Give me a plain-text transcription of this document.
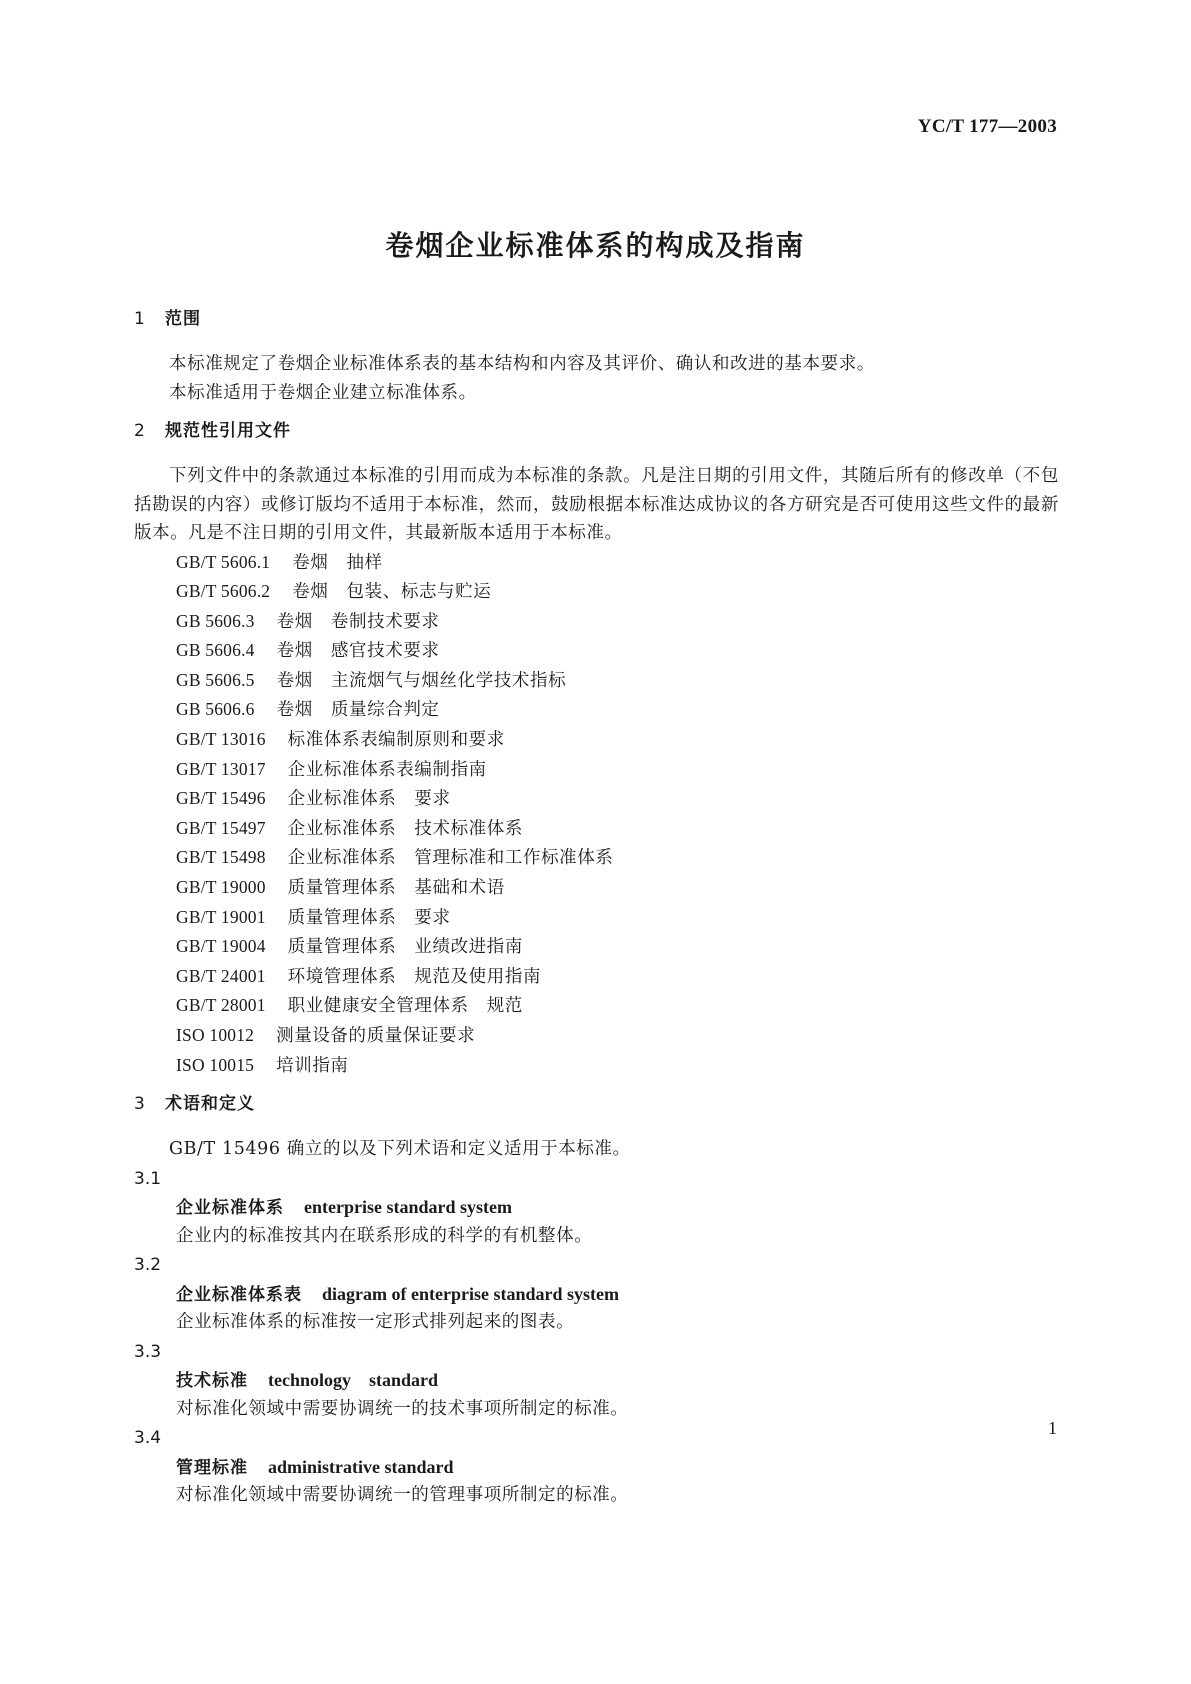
YC/T 177—2003
卷烟企业标准体系的构成及指南
1 范围
本标准规定了卷烟企业标准体系表的基本结构和内容及其评价、确认和改进的基本要求。
本标准适用于卷烟企业建立标准体系。
2 规范性引用文件
下列文件中的条款通过本标准的引用而成为本标准的条款。凡是注日期的引用文件，其随后所有的修改单（不包括勘误的内容）或修订版均不适用于本标准，然而，鼓励根据本标准达成协议的各方研究是否可使用这些文件的最新版本。凡是不注日期的引用文件，其最新版本适用于本标准。
GB/T 5606.1 卷烟　抽样
GB/T 5606.2 卷烟　包装、标志与贮运
GB 5606.3 卷烟　卷制技术要求
GB 5606.4 卷烟　感官技术要求
GB 5606.5 卷烟　主流烟气与烟丝化学技术指标
GB 5606.6 卷烟　质量综合判定
GB/T 13016 标准体系表编制原则和要求
GB/T 13017 企业标准体系表编制指南
GB/T 15496 企业标准体系　要求
GB/T 15497 企业标准体系　技术标准体系
GB/T 15498 企业标准体系　管理标准和工作标准体系
GB/T 19000 质量管理体系　基础和术语
GB/T 19001 质量管理体系　要求
GB/T 19004 质量管理体系　业绩改进指南
GB/T 24001 环境管理体系　规范及使用指南
GB/T 28001 职业健康安全管理体系　规范
ISO 10012 测量设备的质量保证要求
ISO 10015 培训指南
3 术语和定义
GB/T 15496 确立的以及下列术语和定义适用于本标准。
3.1
企业标准体系 enterprise standard system
企业内的标准按其内在联系形成的科学的有机整体。
3.2
企业标准体系表 diagram of enterprise standard system
企业标准体系的标准按一定形式排列起来的图表。
3.3
技术标准 technology　standard
对标准化领域中需要协调统一的技术事项所制定的标准。
3.4
管理标准 administrative standard
对标准化领域中需要协调统一的管理事项所制定的标准。
1
